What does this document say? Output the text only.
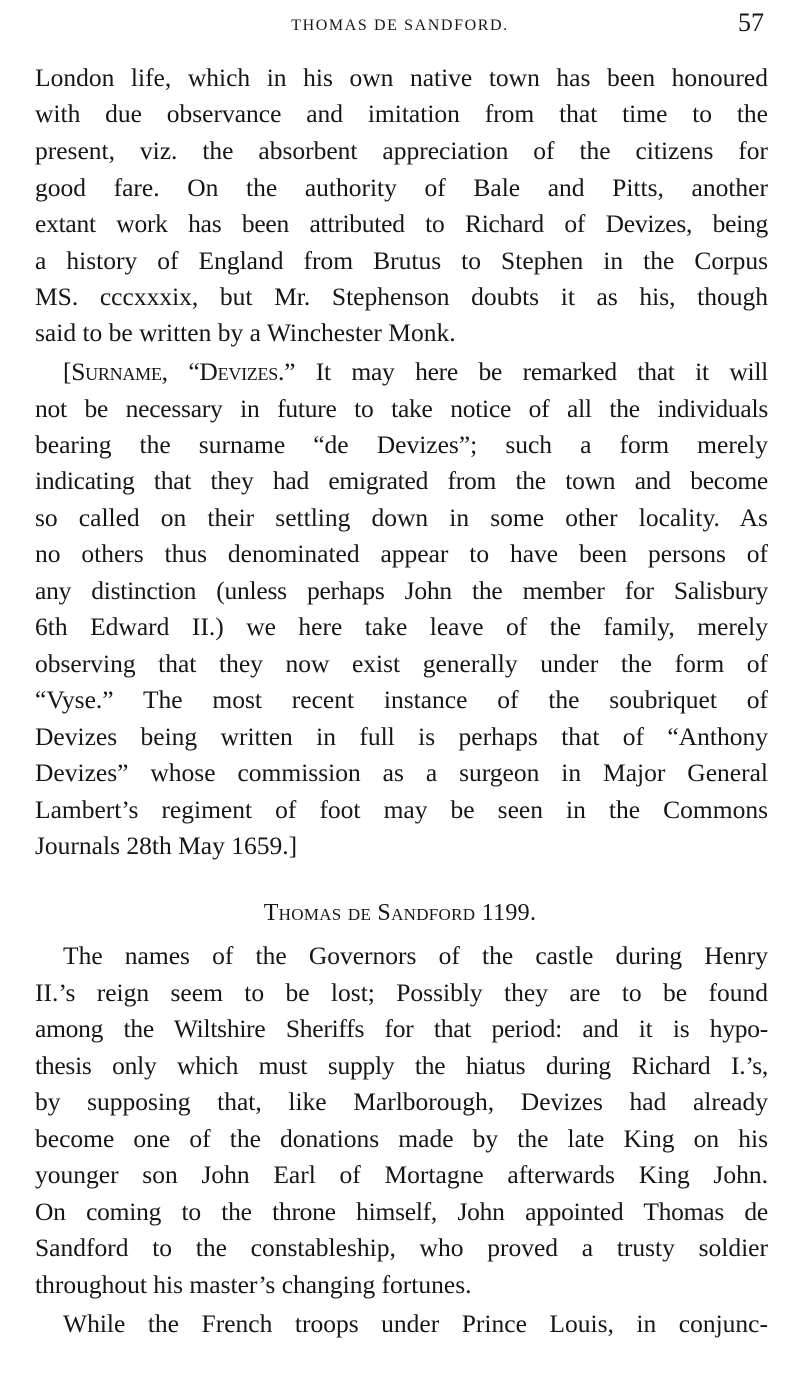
THOMAS DE SANDFORD.	57
London life, which in his own native town has been honoured
with due observance and imitation from that time to the
present, viz. the absorbent appreciation of the citizens for
good fare. On the authority of Bale and Pitts, another
extant work has been attributed to Richard of Devizes, being
a history of England from Brutus to Stephen in the Corpus
MS. cccxxxix, but Mr. Stephenson doubts it as his, though
said to be written by a Winchester Monk.
[Surname, “Devizes.” It may here be remarked that it will
not be necessary in future to take notice of all the individuals
bearing the surname “de Devizes”; such a form merely
indicating that they had emigrated from the town and become
so called on their settling down in some other locality. As
no others thus denominated appear to have been persons of
any distinction (unless perhaps John the member for Salisbury
6th Edward II.) we here take leave of the family, merely
observing that they now exist generally under the form of
“Vyse.” The most recent instance of the soubriquet of
Devizes being written in full is perhaps that of “Anthony
Devizes” whose commission as a surgeon in Major General
Lambert’s regiment of foot may be seen in the Commons
Journals 28th May 1659.]
Thomas de Sandford 1199.
The names of the Governors of the castle during Henry
II.’s reign seem to be lost; Possibly they are to be found
among the Wiltshire Sheriffs for that period: and it is hypo-
thesis only which must supply the hiatus during Richard I.’s,
by supposing that, like Marlborough, Devizes had already
become one of the donations made by the late King on his
younger son John Earl of Mortagne afterwards King John.
On coming to the throne himself, John appointed Thomas de
Sandford to the constableship, who proved a trusty soldier
throughout his master’s changing fortunes.
While the French troops under Prince Louis, in conjunc-
